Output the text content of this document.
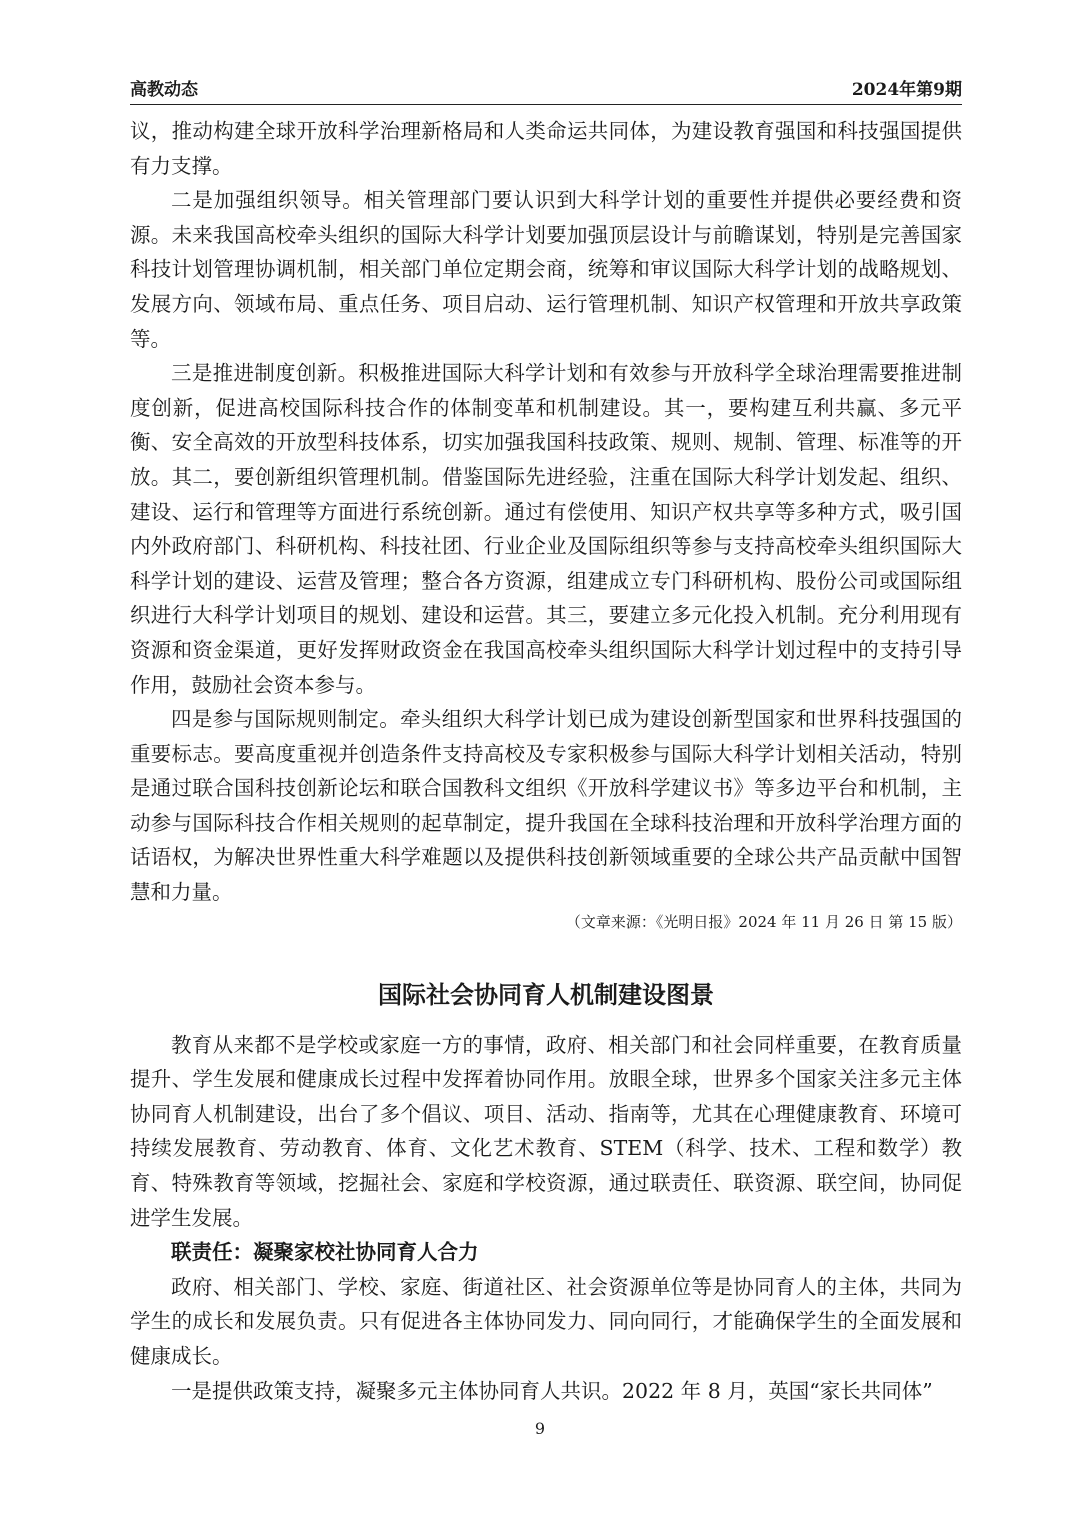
高教动态	2024年第9期

议，推动构建全球开放科学治理新格局和人类命运共同体，为建设教育强国和科技强国提供有力支撑。

二是加强组织领导。相关管理部门要认识到大科学计划的重要性并提供必要经费和资源。未来我国高校牵头组织的国际大科学计划要加强顶层设计与前瞻谋划，特别是完善国家科技计划管理协调机制，相关部门单位定期会商，统筹和审议国际大科学计划的战略规划、发展方向、领域布局、重点任务、项目启动、运行管理机制、知识产权管理和开放共享政策等。

三是推进制度创新。积极推进国际大科学计划和有效参与开放科学全球治理需要推进制度创新，促进高校国际科技合作的体制变革和机制建设。其一，要构建互利共赢、多元平衡、安全高效的开放型科技体系，切实加强我国科技政策、规则、规制、管理、标准等的开放。其二，要创新组织管理机制。借鉴国际先进经验，注重在国际大科学计划发起、组织、建设、运行和管理等方面进行系统创新。通过有偿使用、知识产权共享等多种方式，吸引国内外政府部门、科研机构、科技社团、行业企业及国际组织等参与支持高校牵头组织国际大科学计划的建设、运营及管理；整合各方资源，组建成立专门科研机构、股份公司或国际组织进行大科学计划项目的规划、建设和运营。其三，要建立多元化投入机制。充分利用现有资源和资金渠道，更好发挥财政资金在我国高校牵头组织国际大科学计划过程中的支持引导作用，鼓励社会资本参与。

四是参与国际规则制定。牵头组织大科学计划已成为建设创新型国家和世界科技强国的重要标志。要高度重视并创造条件支持高校及专家积极参与国际大科学计划相关活动，特别是通过联合国科技创新论坛和联合国教科文组织《开放科学建议书》等多边平台和机制，主动参与国际科技合作相关规则的起草制定，提升我国在全球科技治理和开放科学治理方面的话语权，为解决世界性重大科学难题以及提供科技创新领域重要的全球公共产品贡献中国智慧和力量。

（文章来源：《光明日报》2024 年 11 月 26 日 第 15 版）

国际社会协同育人机制建设图景

教育从来都不是学校或家庭一方的事情，政府、相关部门和社会同样重要，在教育质量提升、学生发展和健康成长过程中发挥着协同作用。放眼全球，世界多个国家关注多元主体协同育人机制建设，出台了多个倡议、项目、活动、指南等，尤其在心理健康教育、环境可持续发展教育、劳动教育、体育、文化艺术教育、STEM（科学、技术、工程和数学）教育、特殊教育等领域，挖掘社会、家庭和学校资源，通过联责任、联资源、联空间，协同促进学生发展。

联责任：凝聚家校社协同育人合力

政府、相关部门、学校、家庭、街道社区、社会资源单位等是协同育人的主体，共同为学生的成长和发展负责。只有促进各主体协同发力、同向同行，才能确保学生的全面发展和健康成长。

一是提供政策支持，凝聚多元主体协同育人共识。2022 年 8 月，英国“家长共同体”

9
